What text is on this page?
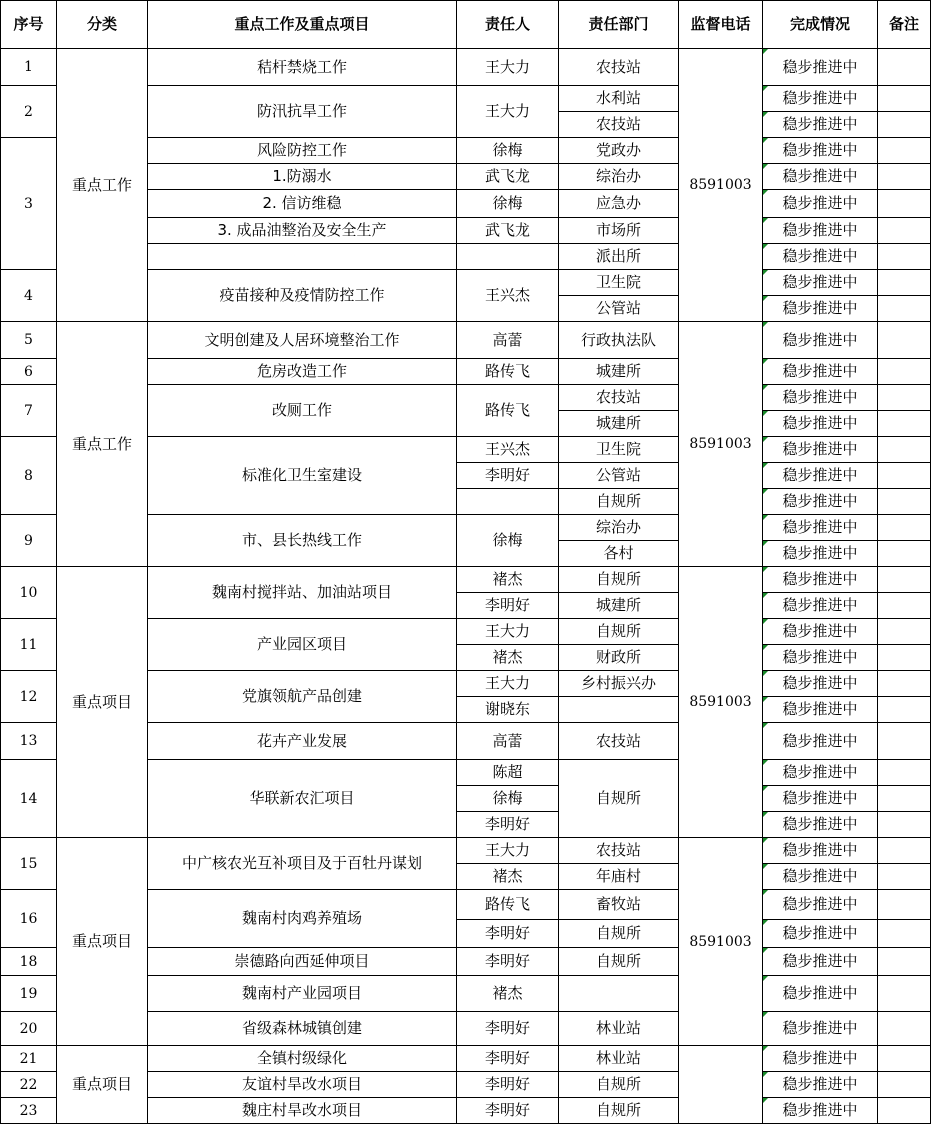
序号	分类	重点工作及重点项目	责任人	责任部门	监督电话	完成情况	备注
1	重点工作	秸杆禁烧工作	王大力	农技站	8591003	稳步推进中	
2		防汛抗旱工作	王大力	水利站		稳步推进中	
				农技站		稳步推进中	
3		风险防控工作	徐梅	党政办		稳步推进中	
		1.防溺水	武飞龙	综治办		稳步推进中	
		2. 信访维稳	徐梅	应急办		稳步推进中	
		3. 成品油整治及安全生产	武飞龙	市场所		稳步推进中	
				派出所		稳步推进中	
4		疫苗接种及疫情防控工作	王兴杰	卫生院		稳步推进中	
				公管站		稳步推进中	
5	重点工作	文明创建及人居环境整治工作	高蕾	行政执法队	8591003	稳步推进中	
6		危房改造工作	路传飞	城建所		稳步推进中	
7		改厕工作	路传飞	农技站		稳步推进中	
				城建所		稳步推进中	
8		标准化卫生室建设	王兴杰	卫生院		稳步推进中	
			李明好	公管站		稳步推进中	
				自规所		稳步推进中	
9		市、县长热线工作	徐梅	综治办		稳步推进中	
				各村		稳步推进中	
10	重点项目	魏南村搅拌站、加油站项目	褚杰	自规所	8591003	稳步推进中	
			李明好	城建所		稳步推进中	
11		产业园区项目	王大力	自规所		稳步推进中	
			褚杰	财政所		稳步推进中	
12		党旗领航产品创建	王大力	乡村振兴办		稳步推进中	
			谢晓东			稳步推进中	
13		花卉产业发展	高蕾	农技站		稳步推进中	
14		华联新农汇项目	陈超	自规所		稳步推进中	
			徐梅			稳步推进中	
			李明好			稳步推进中	
15	重点项目	中广核农光互补项目及于百牡丹谋划	王大力	农技站	8591003	稳步推进中	
			褚杰	年庙村		稳步推进中	
16		魏南村肉鸡养殖场	路传飞	畜牧站		稳步推进中	
			李明好	自规所		稳步推进中	
18		崇德路向西延伸项目	李明好	自规所		稳步推进中	
19		魏南村产业园项目	褚杰			稳步推进中	
20		省级森林城镇创建	李明好	林业站		稳步推进中	
21	重点项目	全镇村级绿化	李明好	林业站		稳步推进中	
22		友谊村旱改水项目	李明好	自规所		稳步推进中	
23		魏庄村旱改水项目	李明好	自规所		稳步推进中	
